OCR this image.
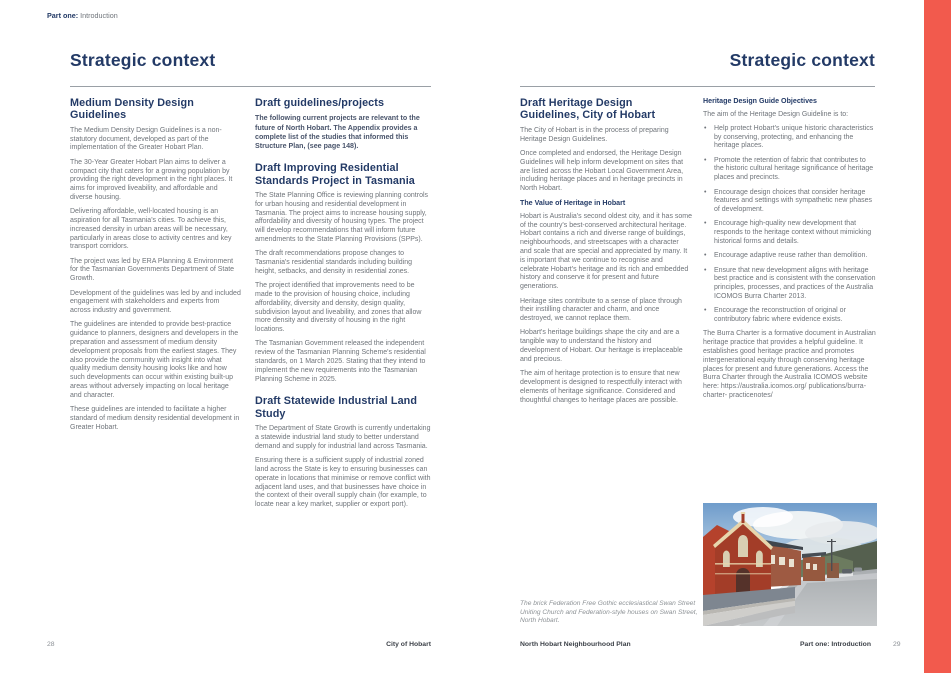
Part one: Introduction
Strategic context
Medium Density Design Guidelines

The Medium Density Design Guidelines is a non-statutory document, developed as part of the implementation of the Greater Hobart Plan.

The 30-Year Greater Hobart Plan aims to deliver a compact city that caters for a growing population by providing the right development in the right places. It aims for improved liveability, and affordable and diverse housing.

Delivering affordable, well-located housing is an aspiration for all Tasmania's cities. To achieve this, increased density in urban areas will be necessary, particularly in areas close to activity centres and key transport corridors.

The project was led by ERA Planning & Environment for the Tasmanian Governments Department of State Growth.

Development of the guidelines was led by and included engagement with stakeholders and experts from across industry and government.

The guidelines are intended to provide best-practice guidance to planners, designers and developers in the preparation and assessment of medium density development proposals from the earliest stages. They also provide the community with insight into what quality medium density housing looks like and how such developments can occur within existing built-up areas without adversely impacting on local heritage and character.

These guidelines are intended to facilitate a higher standard of medium density residential development in Greater Hobart.

Draft guidelines/projects

The following current projects are relevant to the future of North Hobart. The Appendix provides a complete list of the studies that informed this Structure Plan, (see page 148).

Draft Improving Residential Standards Project in Tasmania

The State Planning Office is reviewing planning controls for urban housing and residential development in Tasmania. The project aims to increase housing supply, affordability and diversity of housing types. The project will develop recommendations that will inform future amendments to the State Planning Provisions (SPPs).

The draft recommendations propose changes to Tasmania's residential standards including building height, setbacks, and density in residential zones.

The project identified that improvements need to be made to the provision of housing choice, including affordability, diversity and density, design quality, subdivision layout and liveability, and zones that allow more density and diversity of housing in the right locations.

The Tasmanian Government released the independent review of the Tasmanian Planning Scheme's residential standards, on 1 March 2025. Stating that they intend to implement the new requirements into the Tasmanian Planning Scheme in 2025.

Draft Statewide Industrial Land Study

The Department of State Growth is currently undertaking a statewide industrial land study to better understand demand and supply for industrial land across Tasmania.

Ensuring there is a sufficient supply of industrial zoned land across the State is key to ensuring businesses can operate in locations that minimise or remove conflict with adjacent land uses, and that businesses have choice in the context of their overall supply chain (for example, to locate near a key market, supplier or export port).

28	City of Hobart
Strategic context
Draft Heritage Design Guidelines, City of Hobart

The City of Hobart is in the process of preparing Heritage Design Guidelines.

Once completed and endorsed, the Heritage Design Guidelines will help inform development on sites that are listed across the Hobart Local Government Area, including heritage places and in heritage precincts in North Hobart.

The Value of Heritage in Hobart

Hobart is Australia's second oldest city, and it has some of the country's best-conserved architectural heritage. Hobart contains a rich and diverse range of buildings, neighbourhoods, and streetscapes with a character and scale that are special and appreciated by many. It is important that we continue to recognise and celebrate Hobart's heritage and its rich and embedded history and conserve it for present and future generations.

Heritage sites contribute to a sense of place through their instilling character and charm, and once destroyed, we cannot replace them.

Hobart's heritage buildings shape the city and are a tangible way to understand the history and development of Hobart. Our heritage is irreplaceable and precious.

The aim of heritage protection is to ensure that new development is designed to respectfully interact with elements of heritage significance. Considered and thoughtful changes to heritage places are possible.

Heritage Design Guide Objectives

The aim of the Heritage Design Guideline is to:

• Help protect Hobart's unique historic characteristics by conserving, protecting, and enhancing the heritage places.
• Promote the retention of fabric that contributes to the historic cultural heritage significance of heritage places and precincts.
• Encourage design choices that consider heritage features and settings with sympathetic new phases of development.
• Encourage high-quality new development that responds to the heritage context without mimicking historical forms and details.
• Encourage adaptive reuse rather than demolition.
• Ensure that new development aligns with heritage best practice and is consistent with the conservation principles, processes, and practices of the Australia ICOMOS Burra Charter 2013.
• Encourage the reconstruction of original or contributory fabric where evidence exists.

The Burra Charter is a formative document in Australian heritage practice that provides a helpful guideline. It establishes good heritage practice and promotes intergenerational equity through conserving heritage places for present and future generations. Access the Burra Charter through the Australia ICOMOS website here: https://australia.icomos.org/ publications/burra-charter- practicenotes/

The brick Federation Free Gothic ecclesiastical Swan Street Uniting Church and Federation-style houses on Swan Street, North Hobart.
North Hobart Neighbourhood Plan	Part one: Introduction	29
